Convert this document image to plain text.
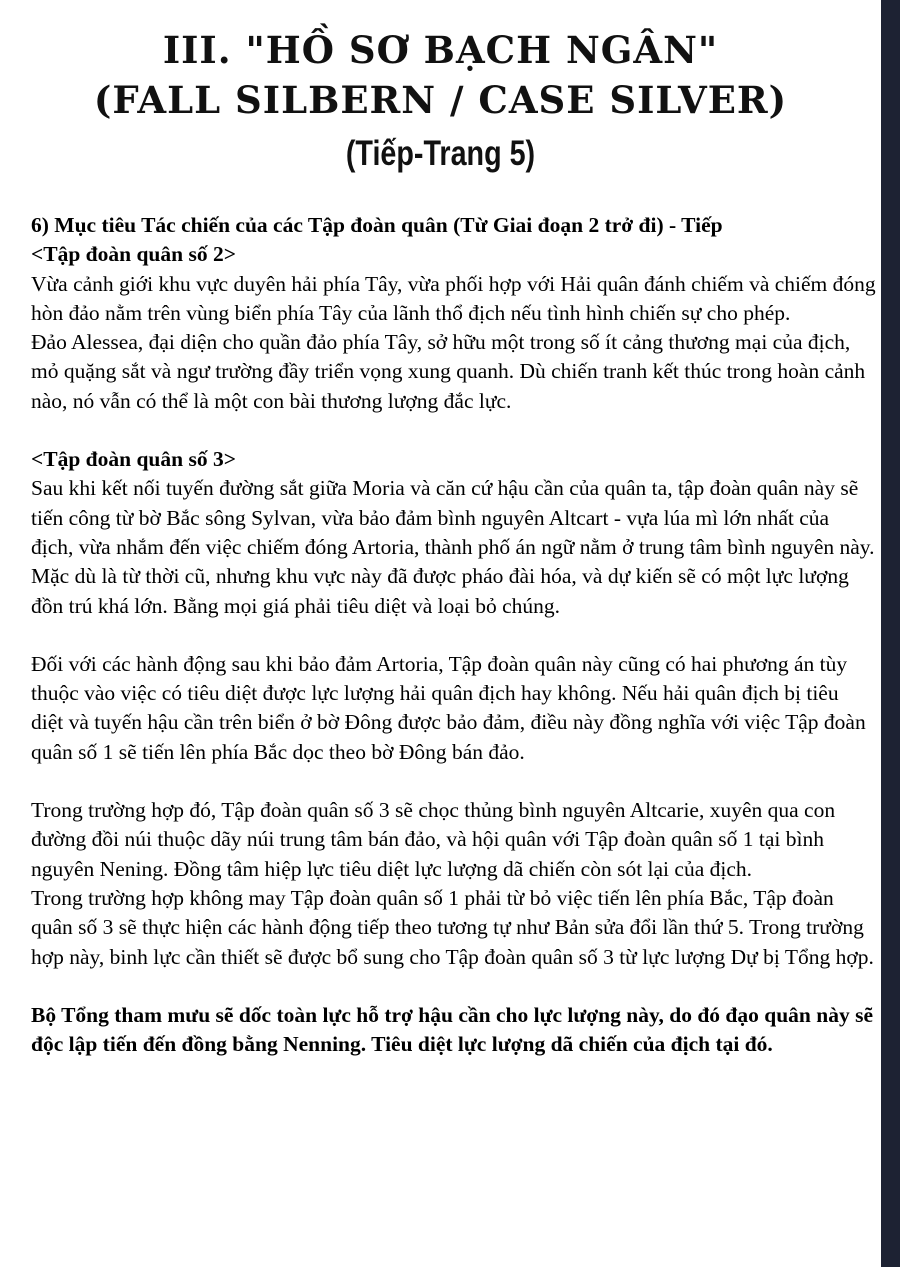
III. "HỒ SƠ BẠCH NGÂN"
(FALL SILBERN / CASE SILVER)
(Tiếp-Trang 5)

6) Mục tiêu Tác chiến của các Tập đoàn quân (Từ Giai đoạn 2 trở đi) - Tiếp

<Tập đoàn quân số 2>

Vừa cảnh giới khu vực duyên hải phía Tây, vừa phối hợp với Hải quân đánh chiếm và chiếm đóng hòn đảo nằm trên vùng biển phía Tây của lãnh thổ địch nếu tình hình chiến sự cho phép.

Đảo Alessea, đại diện cho quần đảo phía Tây, sở hữu một trong số ít cảng thương mại của địch, mỏ quặng sắt và ngư trường đầy triển vọng xung quanh. Dù chiến tranh kết thúc trong hoàn cảnh nào, nó vẫn có thể là một con bài thương lượng đắc lực.

<Tập đoàn quân số 3>

Sau khi kết nối tuyến đường sắt giữa Moria và căn cứ hậu cần của quân ta, tập đoàn quân này sẽ tiến công từ bờ Bắc sông Sylvan, vừa bảo đảm bình nguyên Altcart - vựa lúa mì lớn nhất của địch, vừa nhắm đến việc chiếm đóng Artoria, thành phố án ngữ nằm ở trung tâm bình nguyên này.

Mặc dù là từ thời cũ, nhưng khu vực này đã được pháo đài hóa, và dự kiến sẽ có một lực lượng đồn trú khá lớn. Bằng mọi giá phải tiêu diệt và loại bỏ chúng.

Đối với các hành động sau khi bảo đảm Artoria, Tập đoàn quân này cũng có hai phương án tùy thuộc vào việc có tiêu diệt được lực lượng hải quân địch hay không. Nếu hải quân địch bị tiêu diệt và tuyến hậu cần trên biển ở bờ Đông được bảo đảm, điều này đồng nghĩa với việc Tập đoàn quân số 1 sẽ tiến lên phía Bắc dọc theo bờ Đông bán đảo.

Trong trường hợp đó, Tập đoàn quân số 3 sẽ chọc thủng bình nguyên Altcarie, xuyên qua con đường đồi núi thuộc dãy núi trung tâm bán đảo, và hội quân với Tập đoàn quân số 1 tại bình nguyên Nening. Đồng tâm hiệp lực tiêu diệt lực lượng dã chiến còn sót lại của địch.

Trong trường hợp không may Tập đoàn quân số 1 phải từ bỏ việc tiến lên phía Bắc, Tập đoàn quân số 3 sẽ thực hiện các hành động tiếp theo tương tự như Bản sửa đổi lần thứ 5. Trong trường hợp này, binh lực cần thiết sẽ được bổ sung cho Tập đoàn quân số 3 từ lực lượng Dự bị Tổng hợp.

Bộ Tổng tham mưu sẽ dốc toàn lực hỗ trợ hậu cần cho lực lượng này, do đó đạo quân này sẽ độc lập tiến đến đồng bằng Nenning. Tiêu diệt lực lượng dã chiến của địch tại đó.
